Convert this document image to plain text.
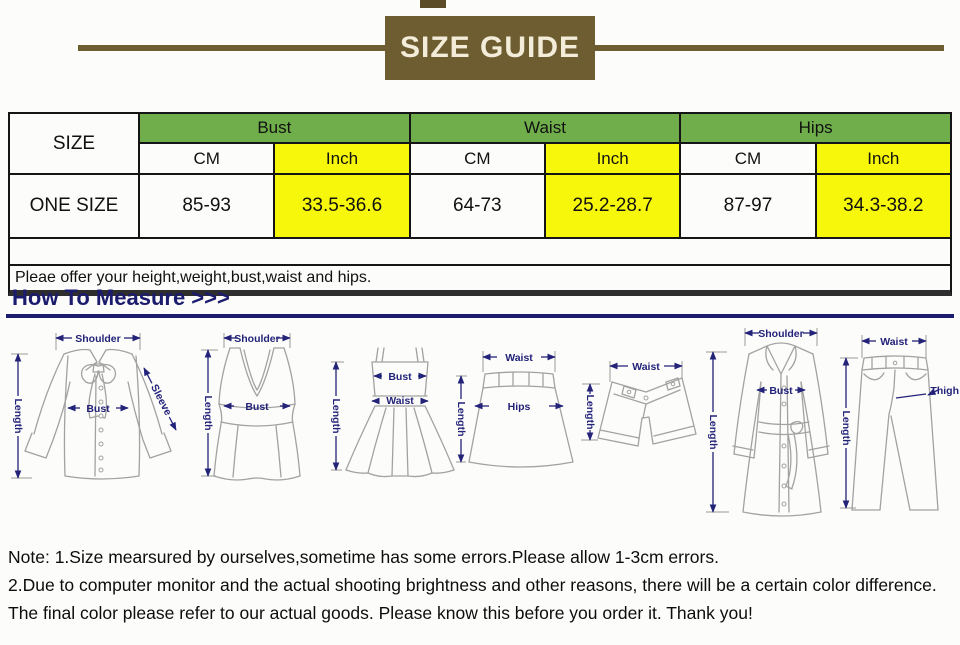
SIZE GUIDE
SIZE	Bust		Waist		Hips	
	CM	Inch	CM	Inch	CM	Inch
ONE SIZE	85-93	33.5-36.6	64-73	25.2-28.7	87-97	34.3-38.2

Pleae offer your height,weight,bust,waist and hips.
How To Measure >>>
Shoulder
Length	Bust	Sleeve
Shoulder
Length	Bust	Length
Bust
Waist
Waist
Hips
Length
Waist
Length
Shoulder
Length
Bust
Waist
Length
Thigh
Note: 1.Size mearsured by ourselves,sometime has some errors.Please allow 1-3cm errors.
2.Due to computer monitor and the actual shooting brightness and other reasons, there will be a certain color difference.
The final color please refer to our actual goods. Please know this before you order it. Thank you!
